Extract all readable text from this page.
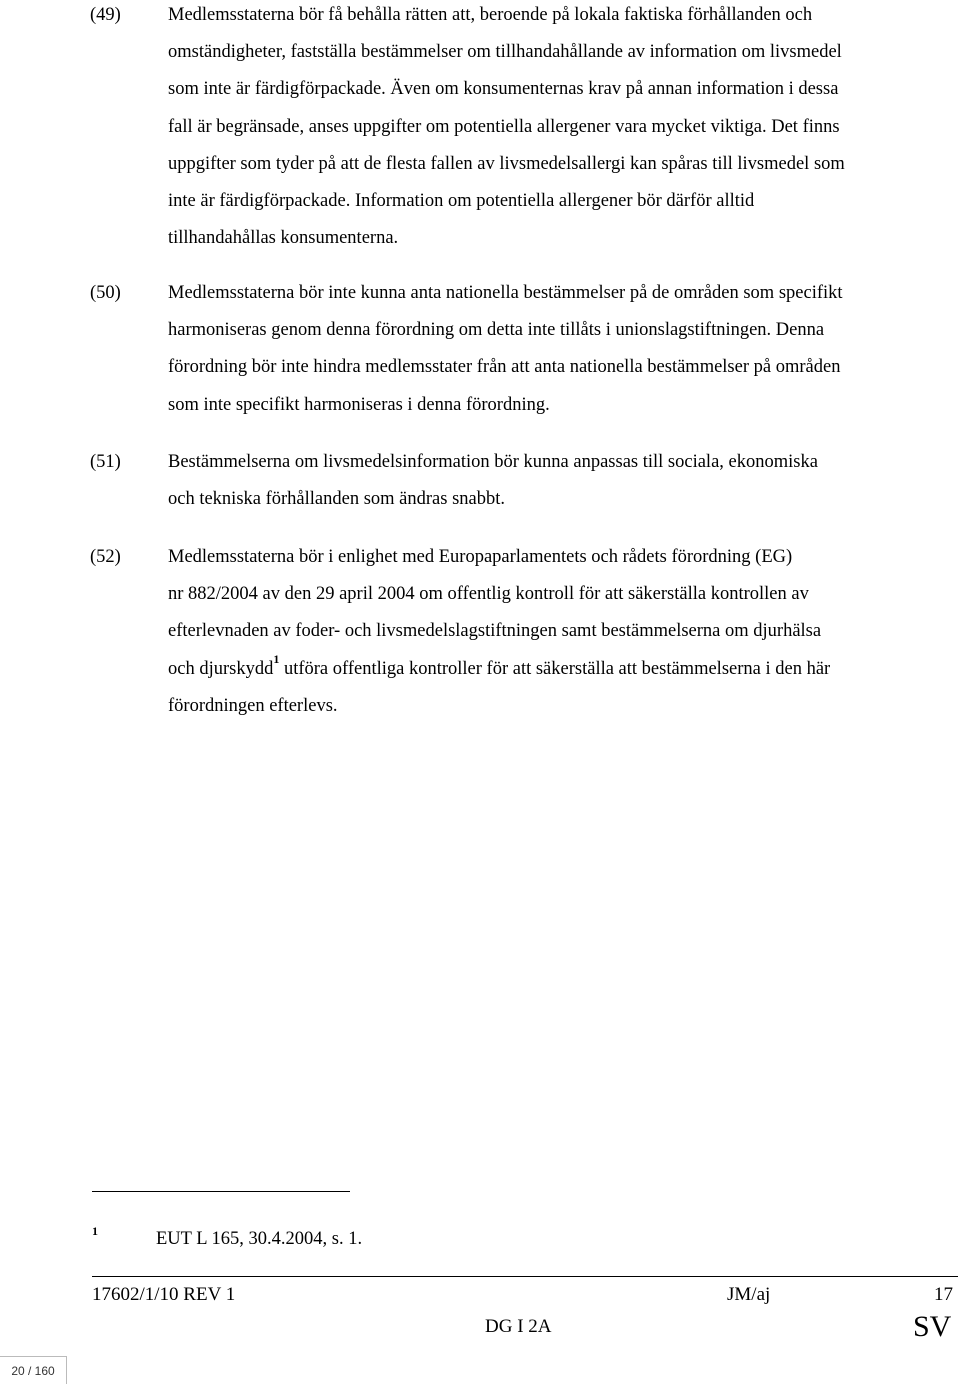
(49)	Medlemsstaterna bör få behålla rätten att, beroende på lokala faktiska förhållanden och
omständigheter, fastställa bestämmelser om tillhandahållande av information om livsmedel
som inte är färdigförpackade. Även om konsumenternas krav på annan information i dessa
fall är begränsade, anses uppgifter om potentiella allergener vara mycket viktiga. Det finns
uppgifter som tyder på att de flesta fallen av livsmedelsallergi kan spåras till livsmedel som
inte är färdigförpackade. Information om potentiella allergener bör därför alltid
tillhandahållas konsumenterna.
(50)	Medlemsstaterna bör inte kunna anta nationella bestämmelser på de områden som specifikt
harmoniseras genom denna förordning om detta inte tillåts i unionslagstiftningen. Denna
förordning bör inte hindra medlemsstater från att anta nationella bestämmelser på områden
som inte specifikt harmoniseras i denna förordning.
(51)	Bestämmelserna om livsmedelsinformation bör kunna anpassas till sociala, ekonomiska
och tekniska förhållanden som ändras snabbt.
(52)	Medlemsstaterna bör i enlighet med Europaparlamentets och rådets förordning (EG)
nr 882/2004 av den 29 april 2004 om offentlig kontroll för att säkerställa kontrollen av
efterlevnaden av foder- och livsmedelslagstiftningen samt bestämmelserna om djurhälsa
och djurskydd$^1$ utföra offentliga kontroller för att säkerställa att bestämmelserna i den här
förordningen efterlevs.
1	EUT L 165, 30.4.2004, s. 1.
17602/1/10 REV 1	JM/aj	17
DG I 2A	SV
20 / 160
